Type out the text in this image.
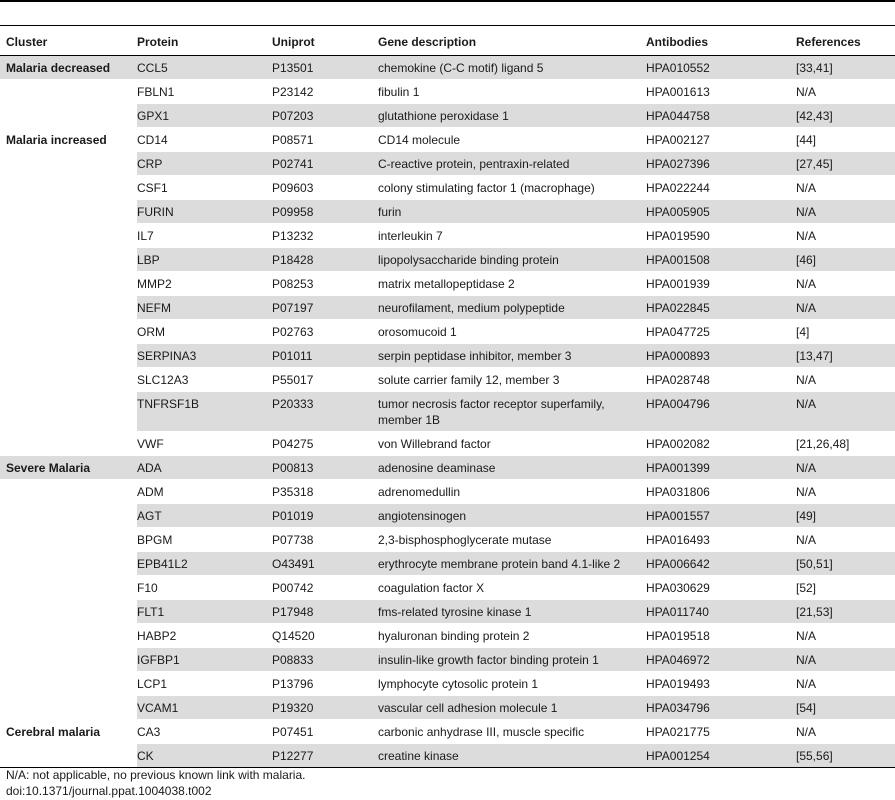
Cluster	Protein	Uniprot	Gene description	Antibodies	References
Malaria decreased	CCL5	P13501	chemokine (C-C motif) ligand 5	HPA010552	[33,41]
	FBLN1	P23142	fibulin 1	HPA001613	N/A
	GPX1	P07203	glutathione peroxidase 1	HPA044758	[42,43]
Malaria increased	CD14	P08571	CD14 molecule	HPA002127	[44]
	CRP	P02741	C-reactive protein, pentraxin-related	HPA027396	[27,45]
	CSF1	P09603	colony stimulating factor 1 (macrophage)	HPA022244	N/A
	FURIN	P09958	furin	HPA005905	N/A
	IL7	P13232	interleukin 7	HPA019590	N/A
	LBP	P18428	lipopolysaccharide binding protein	HPA001508	[46]
	MMP2	P08253	matrix metallopeptidase 2	HPA001939	N/A
	NEFM	P07197	neurofilament, medium polypeptide	HPA022845	N/A
	ORM	P02763	orosomucoid 1	HPA047725	[4]
	SERPINA3	P01011	serpin peptidase inhibitor, member 3	HPA000893	[13,47]
	SLC12A3	P55017	solute carrier family 12, member 3	HPA028748	N/A
	TNFRSF1B	P20333	tumor necrosis factor receptor superfamily, member 1B	HPA004796	N/A
	VWF	P04275	von Willebrand factor	HPA002082	[21,26,48]
Severe Malaria	ADA	P00813	adenosine deaminase	HPA001399	N/A
	ADM	P35318	adrenomedullin	HPA031806	N/A
	AGT	P01019	angiotensinogen	HPA001557	[49]
	BPGM	P07738	2,3-bisphosphoglycerate mutase	HPA016493	N/A
	EPB41L2	O43491	erythrocyte membrane protein band 4.1-like 2	HPA006642	[50,51]
	F10	P00742	coagulation factor X	HPA030629	[52]
	FLT1	P17948	fms-related tyrosine kinase 1	HPA011740	[21,53]
	HABP2	Q14520	hyaluronan binding protein 2	HPA019518	N/A
	IGFBP1	P08833	insulin-like growth factor binding protein 1	HPA046972	N/A
	LCP1	P13796	lymphocyte cytosolic protein 1	HPA019493	N/A
	VCAM1	P19320	vascular cell adhesion molecule 1	HPA034796	[54]
Cerebral malaria	CA3	P07451	carbonic anhydrase III, muscle specific	HPA021775	N/A
	CK	P12277	creatine kinase	HPA001254	[55,56]
N/A: not applicable, no previous known link with malaria.
doi:10.1371/journal.ppat.1004038.t002
